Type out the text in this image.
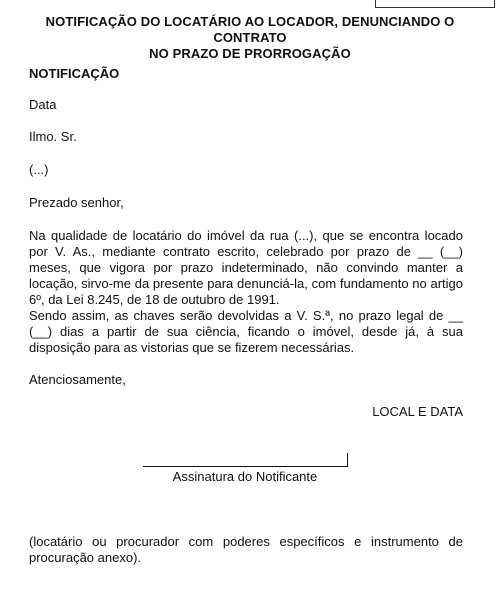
NOTIFICAÇÃO DO LOCATÁRIO AO LOCADOR, DENUNCIANDO O CONTRATO
NO PRAZO DE PRORROGAÇÃO
NOTIFICAÇÃO
Data
Ilmo. Sr.
(...)
Prezado senhor,
Na qualidade de locatário do imóvel da rua (...), que se encontra locado por V. As., mediante contrato escrito, celebrado por prazo de __ (__) meses, que vigora por prazo indeterminado, não convindo manter a locação, sirvo-me da presente para denunciá-la, com fundamento no artigo 6º, da Lei 8.245, de 18 de outubro de 1991.
Sendo assim, as chaves serão devolvidas a V. S.ª, no prazo legal de __ (__) dias a partir de sua ciência, ficando o imóvel, desde já, à sua disposição para as vistorias que se fizerem necessárias.
Atenciosamente,
LOCAL E DATA
Assinatura do Notificante
(locatário ou procurador com poderes específicos e instrumento de procuração anexo).
